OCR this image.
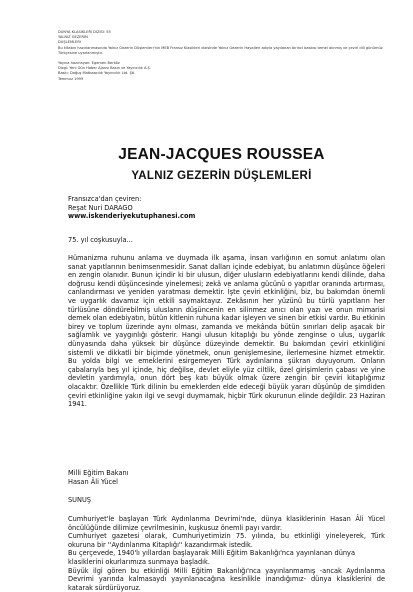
DÜNYA KLASİKLERİ DİZİSİ: 55
YALNIZ GEZERİN
DÜŞLEMLERİ
Bu kitabın hazırlanmasında Yalnız Gezerin Düşlemleri'nin MEB Fransız Klasikleri dizisinde Yalnız Gezerin Hayalleri adıyla yayılanan birinci baskısı temel alınmış ve çeviri dili günümüz Türkçesine uyarlanmıştır.
Yayına hazırlayan: Egemen Berköz
Dizgi: Yeni Gün Haber Ajansı Basın ve Yayıncılık A.Ş.
Baskı: Doğuş Matbaacılık Yayıncılık Ltd. Şti.
Temmuz 1999
JEAN-JACQUES ROUSSEA
YALNIZ GEZERİN DÜŞLEMLERİ
Fransızca'dan çeviren:
Reşat Nuri DARAGO
www.iskenderiyekutuphanesi.com
75. yıl coşkusuyla...
Hümanizma ruhunu anlama ve duymada ilk aşama, insan varlığının en somut anlatımı olan sanat yapıtlarının benimsenmesidir. Sanat dalları içinde edebiyat, bu anlatımın düşünce öğeleri en zengin olanıdır. Bunun içindir ki bir ulusun, diğer ulusların edebiyatlarını kendi dilinde, daha doğrusu kendi düşüncesinde yinelemesi; zekâ ve anlama gücünü o yapıtlar oranında artırması, canlandırması ve yeniden yaratması demektir. İşte çeviri etkinliğini, biz, bu bakımdan önemli ve uygarlık davamız için etkili saymaktayız. Zekâsının her yüzünü bu türlü yapıtların her türlüsüne döndürebilmiş ulusların düşüncenin en silinmez anıcı olan yazı ve onun mimarisi demek olan edebiyatın, bütün kitlenin ruhuna kadar işleyen ve sinen bir etkisi vardır. Bu etkinin birey ve toplum üzerinde aynı olması, zamanda ve mekânda bütün sınırları delip aşacak bir sağlamlık ve yaygınlığı gösterir. Hangi ulusun kitaplığı bu yönde zenginse o ulus, uygarlık dünyasında daha yüksek bir düşünce düzeyinde demektir. Bu bakımdan çeviri etkinliğini sistemli ve dikkatli bir biçimde yönetmek, onun genişlemesine, ilerlemesine hizmet etmektir. Bu yolda bilgi ve emeklerini esirgemeyen Türk aydınlarına şükran duyuyorum. Onların çabalarıyla beş yıl içinde, hiç değilse, devlet eliyle yüz ciltlik, özel girişimlerin çabası ve yine devletin yardımıyla, onun dört beş katı büyük olmak üzere zengin bir çeviri kitaplığımız olacaktır. Özellikle Türk dilinin bu emeklerden elde edeceği büyük yararı düşünüp de şimdiden çeviri etkinliğine yakın ilgi ve sevgi duymamak, hiçbir Türk okurunun elinde değildir. 23 Haziran 1941.
Milli Eğitim Bakanı
Hasan Âli Yücel
SUNUŞ

Cumhuriyet'le başlayan Türk Aydınlanma Devrimi'nde, dünya klasiklerinin Hasan Âli Yücel öncülüğünde dilimize çevrilmesinin, kuşkusuz önemli payı vardır.

Cumhuriyet gazetesi olarak, Cumhuriyetimizin 75. yılında, bu etkinliği yineleyerek, Türk okuruna bir ''Aydınlanma Kitaplığı'' kazandırmak istedik.

Bu çerçevede, 1940'lı yıllardan başlayarak Milli Eğitim Bakanlığı'nca yayınlanan dünyaklasiklerini okurlarımıza sunmaya başladık.

Büyük ilgi gören bu etkinliği Milli Eğitim Bakanlığı'nca yayınlanmamış -ancak Aydınlanma Devrimi yarında kalmasaydı yayınlanacağına kesinlikle inandığımız- dünya klasiklerini de katarak sürdürüyoruz.
